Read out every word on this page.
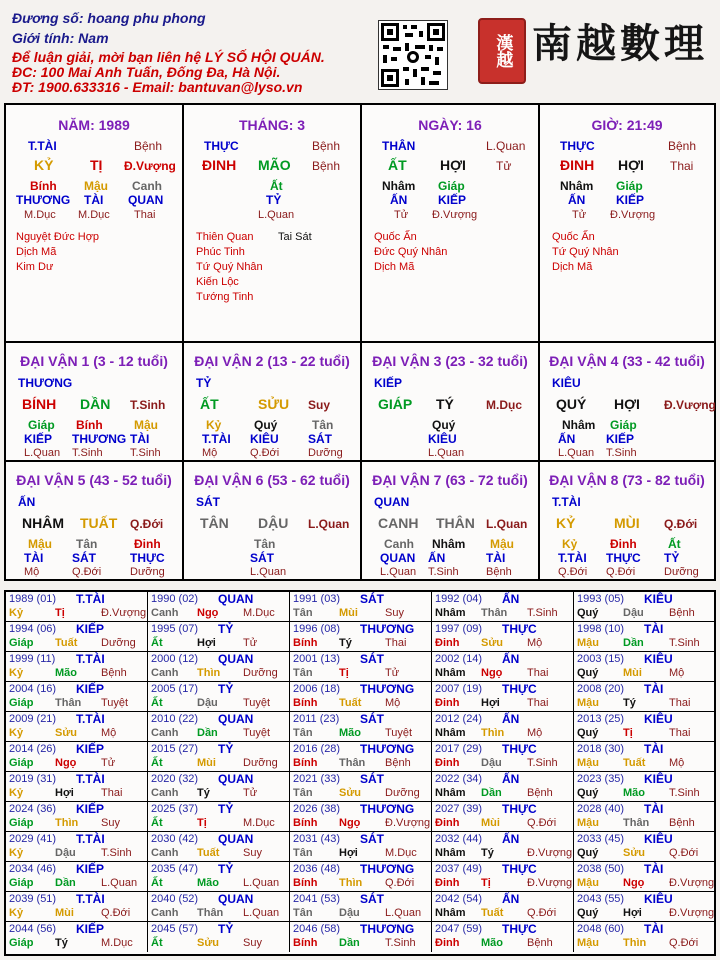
Đương số: hoang phu phong
Giới tính: Nam
Để luận giải, mời bạn liên hệ LÝ SỐ HỘI QUÁN.
ĐC: 100 Mai Anh Tuấn, Đống Đa, Hà Nội.
ĐT: 1900.633316 - Email: bantuvan@lyso.vn
漢越 南越數理
NĂM: 1989
T.TÀI	Bệnh
KỶ	TỊ Đ.Vượng
Bính Mậu Canh
THƯƠNG TÀI QUAN
M.Dục M.Dục Thai
Nguyệt Đức Hợp
Dịch Mã
Kim Dư
THÁNG: 3
THỰC	Bệnh
ĐINH MÃO Bệnh
Ất
TỶ
L.Quan
Thiên Quan Tai Sát
Phúc Tinh
Tứ Quý Nhân
Kiến Lộc
Tướng Tinh
NGÀY: 16
THÂN	L.Quan
ẤT HỢI	Tử
Nhâm Giáp
ẤN	KIẾP
Tử Đ.Vượng
Quốc Ấn
Đức Quý Nhân
Dịch Mã
GIỜ: 21:49
THỰC	Bệnh
ĐINH HỢI Thai
Nhâm Giáp
ẤN	KIẾP
Tử Đ.Vượng
Quốc Ấn
Tứ Quý Nhân
Dịch Mã
ĐẠI VẬN 1 (3 - 12 tuổi)
THƯƠNG
BÍNH DẦN T.Sinh
Giáp
KIẾP
L.Quan
Bính
THƯƠNG
T.Sinh
Mậu
TÀI
T.Sinh
ĐẠI VẬN 2 (13 - 22 tuổi)
TỶ
ẤT	SỬU Suy
Kỷ
T.TÀI
Mộ
Quý
KIÊU
Q.Đới
Tân
SÁT
Dưỡng
ĐẠI VẬN 3 (23 - 32 tuổi)
KIẾP
GIÁP TÝ	M.Dục
Quý
KIÊU
L.Quan
ĐẠI VẬN 4 (33 - 42 tuổi)
KIÊU
QUÝ HỢI Đ.Vượng
Nhâm
ẤN
L.Quan
Giáp
KIẾP
T.Sinh
ĐẠI VẬN 5 (43 - 52 tuổi)
ẤN
NHÂM TUẤT Q.Đới
Mậu
TÀI
Mộ
Tân
SÁT
Q.Đới
Đinh
THỰC
Dưỡng
ĐẠI VẬN 6 (53 - 62 tuổi)
SÁT
TÂN DẬU L.Quan
Tân
SÁT
L.Quan
ĐẠI VẬN 7 (63 - 72 tuổi)
QUAN
CANH THÂN L.Quan
Canh
QUAN
L.Quan
Nhâm
ẤN
T.Sinh
Mậu
TÀI
Bệnh
ĐẠI VẬN 8 (73 - 82 tuổi)
T.TÀI
KỶ	MÙI Q.Đới
Kỷ
T.TÀI
Q.Đới
Đinh
THỰC
Q.Đới
Ất
TỶ
Dưỡng
1989 (01) T.TÀI
Kỷ	Tị	Đ.Vượng
1990 (02) QUAN
Canh Ngọ M.Dục
1991 (03) SÁT
Tân Mùi Suy
1992 (04) ẤN
Nhâm Thân T.Sinh
1993 (05) KIÊU
Quý Dậu Bệnh
1994 (06) KIẾP
Giáp Tuất Dưỡng
1995 (07) TỶ
Ất	Hợi Tử
1996 (08) THƯƠNG
Bính Tý	Thai
1997 (09) THỰC
Đinh Sửu Mộ
1998 (10) TÀI
Mậu Dần T.Sinh
1999 (11) T.TÀI
Kỷ	Mão Bệnh
2000 (12) QUAN
Canh Thìn Dưỡng
2001 (13) SÁT
Tân Tị	Tử
2002 (14) ẤN
Nhâm Ngọ Thai
2003 (15) KIÊU
Quý Mùi Mộ
2004 (16) KIẾP
Giáp Thân Tuyệt
2005 (17) TỶ
Ất	Dậu Tuyệt
2006 (18) THƯƠNG
Bính Tuất Mộ
2007 (19) THỰC
Đinh Hợi Thai
2008 (20) TÀI
Mậu Tý	Thai
2009 (21) T.TÀI
Kỷ	Sửu Mộ
2010 (22) QUAN
Canh Dần Tuyệt
2011 (23) SÁT
Tân Mão Tuyệt
2012 (24) ẤN
Nhâm Thìn Mộ
2013 (25) KIÊU
Quý Tị	Thai
2014 (26) KIẾP
Giáp Ngọ Tử
2015 (27) TỶ
Ất	Mùi Dưỡng
2016 (28) THƯƠNG
Bính Thân Bệnh
2017 (29) THỰC
Đinh Dậu T.Sinh
2018 (30) TÀI
Mậu Tuất Mộ
2019 (31) T.TÀI
Kỷ	Hợi Thai
2020 (32) QUAN
Canh Tý	Tử
2021 (33) SÁT
Tân Sửu Dưỡng
2022 (34) ẤN
Nhâm Dần Bệnh
2023 (35) KIÊU
Quý Mão T.Sinh
2024 (36) KIẾP
Giáp Thìn Suy
2025 (37) TỶ
Ất	Tị	M.Dục
2026 (38) THƯƠNG
Bính Ngọ Đ.Vượng
2027 (39) THỰC
Đinh Mùi Q.Đới
2028 (40) TÀI
Mậu Thân Bệnh
2029 (41) T.TÀI
Kỷ	Dậu T.Sinh
2030 (42) QUAN
Canh Tuất Suy
2031 (43) SÁT
Tân Hợi M.Dục
2032 (44) ẤN
Nhâm Tý	Đ.Vượng
2033 (45) KIÊU
Quý Sửu Q.Đới
2034 (46) KIẾP
Giáp Dần L.Quan
2035 (47) TỶ
Ất	Mão L.Quan
2036 (48) THƯƠNG
Bính Thìn Q.Đới
2037 (49) THỰC
Đinh Tị	Đ.Vượng
2038 (50) TÀI
Mậu Ngọ Đ.Vượng
2039 (51) T.TÀI
Kỷ	Mùi Q.Đới
2040 (52) QUAN
Canh Thân L.Quan
2041 (53) SÁT
Tân Dậu L.Quan
2042 (54) ẤN
Nhâm Tuất Q.Đới
2043 (55) KIÊU
Quý Hợi Đ.Vượng
2044 (56) KIẾP
Giáp Tý	M.Dục
2045 (57) TỶ
Ất	Sửu Suy
2046 (58) THƯƠNG
Bính Dần T.Sinh
2047 (59) THỰC
Đinh Mão Bệnh
2048 (60) TÀI
Mậu Thìn Q.Đới
